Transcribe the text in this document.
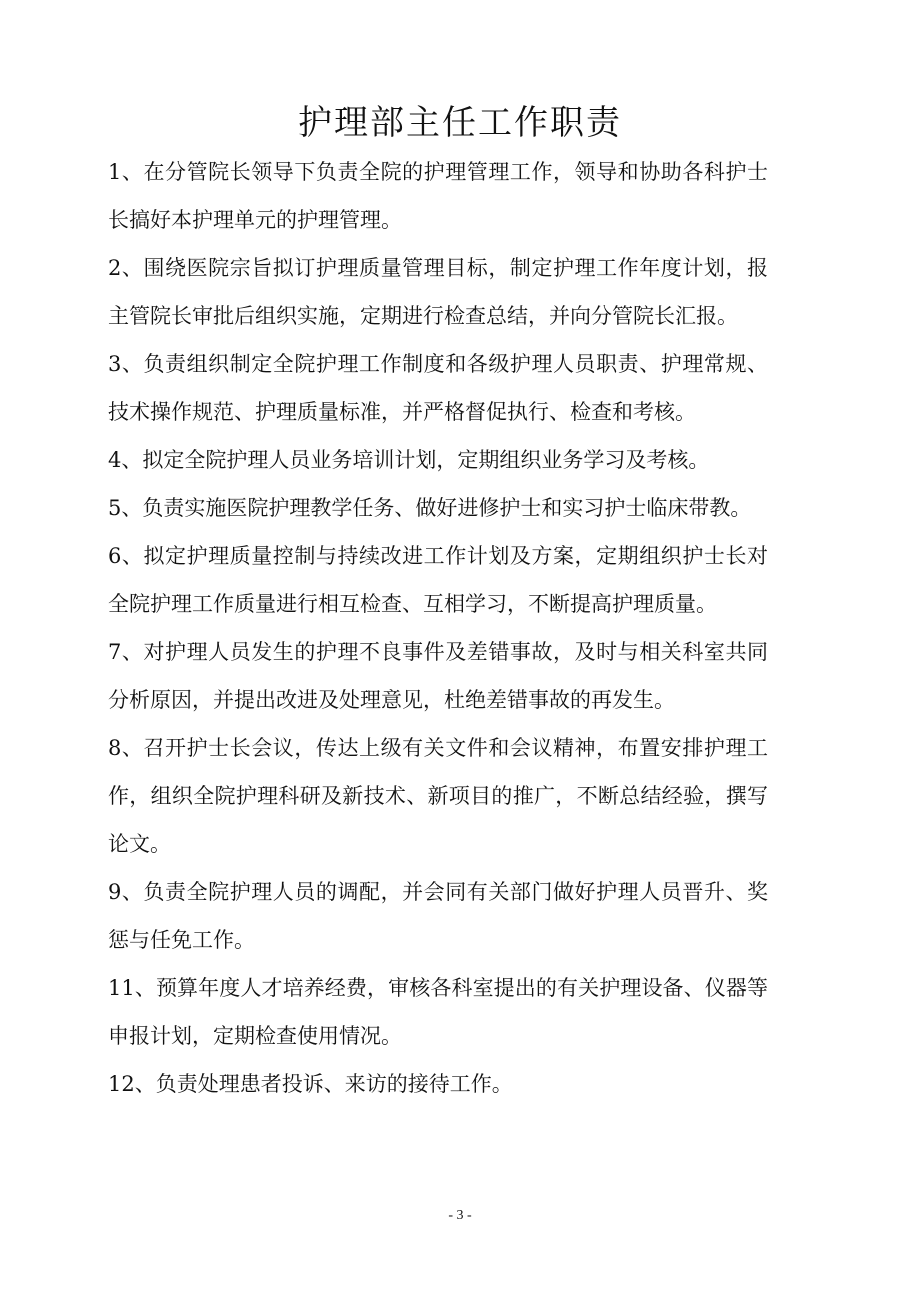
护理部主任工作职责

1、在分管院长领导下负责全院的护理管理工作，领导和协助各科护士长搞好本护理单元的护理管理。

2、围绕医院宗旨拟订护理质量管理目标，制定护理工作年度计划，报主管院长审批后组织实施，定期进行检查总结，并向分管院长汇报。

3、负责组织制定全院护理工作制度和各级护理人员职责、护理常规、技术操作规范、护理质量标准，并严格督促执行、检查和考核。

4、拟定全院护理人员业务培训计划，定期组织业务学习及考核。

5、负责实施医院护理教学任务、做好进修护士和实习护士临床带教。

6、拟定护理质量控制与持续改进工作计划及方案，定期组织护士长对全院护理工作质量进行相互检查、互相学习，不断提高护理质量。

7、对护理人员发生的护理不良事件及差错事故，及时与相关科室共同分析原因，并提出改进及处理意见，杜绝差错事故的再发生。

8、召开护士长会议，传达上级有关文件和会议精神，布置安排护理工作，组织全院护理科研及新技术、新项目的推广，不断总结经验，撰写论文。

9、负责全院护理人员的调配，并会同有关部门做好护理人员晋升、奖惩与任免工作。

11、预算年度人才培养经费，审核各科室提出的有关护理设备、仪器等申报计划，定期检查使用情况。

12、负责处理患者投诉、来访的接待工作。

- 3 -
